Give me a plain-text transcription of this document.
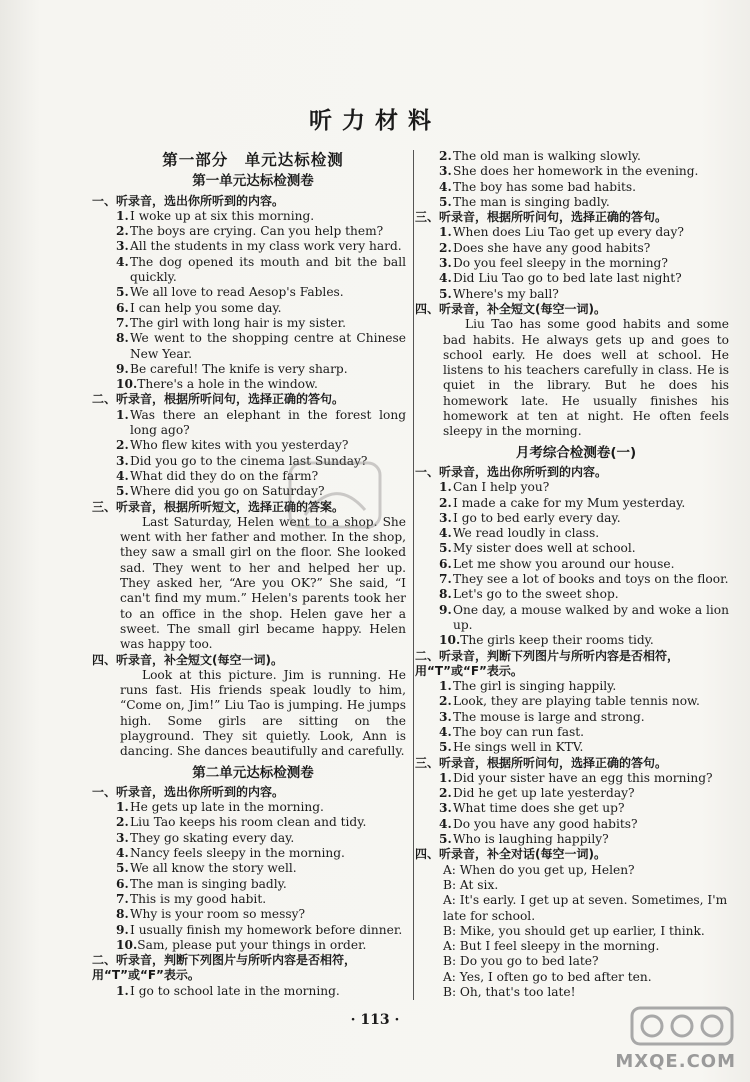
听力材料
第一部分　单元达标检测
第一单元达标检测卷
一、听录音，选出你所听到的内容。
1.I woke up at six this morning.
2.The boys are crying. Can you help them?
3.All the students in my class work very hard.
4.The dog opened its mouth and bit the ball quickly.
5.We all love to read Aesop's Fables.
6.I can help you some day.
7.The girl with long hair is my sister.
8.We went to the shopping centre at Chinese New Year.
9.Be careful! The knife is very sharp.
10.There's a hole in the window.
二、听录音，根据所听问句，选择正确的答句。
1.Was there an elephant in the forest long long ago?
2.Who flew kites with you yesterday?
3.Did you go to the cinema last Sunday?
4.What did they do on the farm?
5.Where did you go on Saturday?
三、听录音，根据所听短文，选择正确的答案。
Last Saturday, Helen went to a shop. She went with her father and mother. In the shop, they saw a small girl on the floor. She looked sad. They went to her and helped her up. They asked her, “Are you OK?” She said, “I can't find my mum.” Helen's parents took her to an office in the shop. Helen gave her a sweet. The small girl became happy. Helen was happy too.
四、听录音，补全短文(每空一词)。
Look at this picture. Jim is running. He runs fast. His friends speak loudly to him, “Come on, Jim!” Liu Tao is jumping. He jumps high. Some girls are sitting on the playground. They sit quietly. Look, Ann is dancing. She dances beautifully and carefully.
第二单元达标检测卷
一、听录音，选出你所听到的内容。
1.He gets up late in the morning.
2.Liu Tao keeps his room clean and tidy.
3.They go skating every day.
4.Nancy feels sleepy in the morning.
5.We all know the story well.
6.The man is singing badly.
7.This is my good habit.
8.Why is your room so messy?
9.I usually finish my homework before dinner.
10.Sam, please put your things in order.
二、听录音，判断下列图片与所听内容是否相符，用“T”或“F”表示。
1.I go to school late in the morning.
2.The old man is walking slowly.
3.She does her homework in the evening.
4.The boy has some bad habits.
5.The man is singing badly.
三、听录音，根据所听问句，选择正确的答句。
1.When does Liu Tao get up every day?
2.Does she have any good habits?
3.Do you feel sleepy in the morning?
4.Did Liu Tao go to bed late last night?
5.Where's my ball?
四、听录音，补全短文(每空一词)。
Liu Tao has some good habits and some bad habits. He always gets up and goes to school early. He does well at school. He listens to his teachers carefully in class. He is quiet in the library. But he does his homework late. He usually finishes his homework at ten at night. He often feels sleepy in the morning.
月考综合检测卷(一)
一、听录音，选出你所听到的内容。
1.Can I help you?
2.I made a cake for my Mum yesterday.
3.I go to bed early every day.
4.We read loudly in class.
5.My sister does well at school.
6.Let me show you around our house.
7.They see a lot of books and toys on the floor.
8.Let's go to the sweet shop.
9.One day, a mouse walked by and woke a lion up.
10.The girls keep their rooms tidy.
二、听录音，判断下列图片与所听内容是否相符，用“T”或“F”表示。
1.The girl is singing happily.
2.Look, they are playing table tennis now.
3.The mouse is large and strong.
4.The boy can run fast.
5.He sings well in KTV.
三、听录音，根据所听问句，选择正确的答句。
1.Did your sister have an egg this morning?
2.Did he get up late yesterday?
3.What time does she get up?
4.Do you have any good habits?
5.Who is laughing happily?
四、听录音，补全对话(每空一词)。
A: When do you get up, Helen?
B: At six.
A: It's early. I get up at seven. Sometimes, I'm late for school.
B: Mike, you should get up earlier, I think.
A: But I feel sleepy in the morning.
B: Do you go to bed late?
A: Yes, I often go to bed after ten.
B: Oh, that's too late!
· 113 ·
MXQE.COM
